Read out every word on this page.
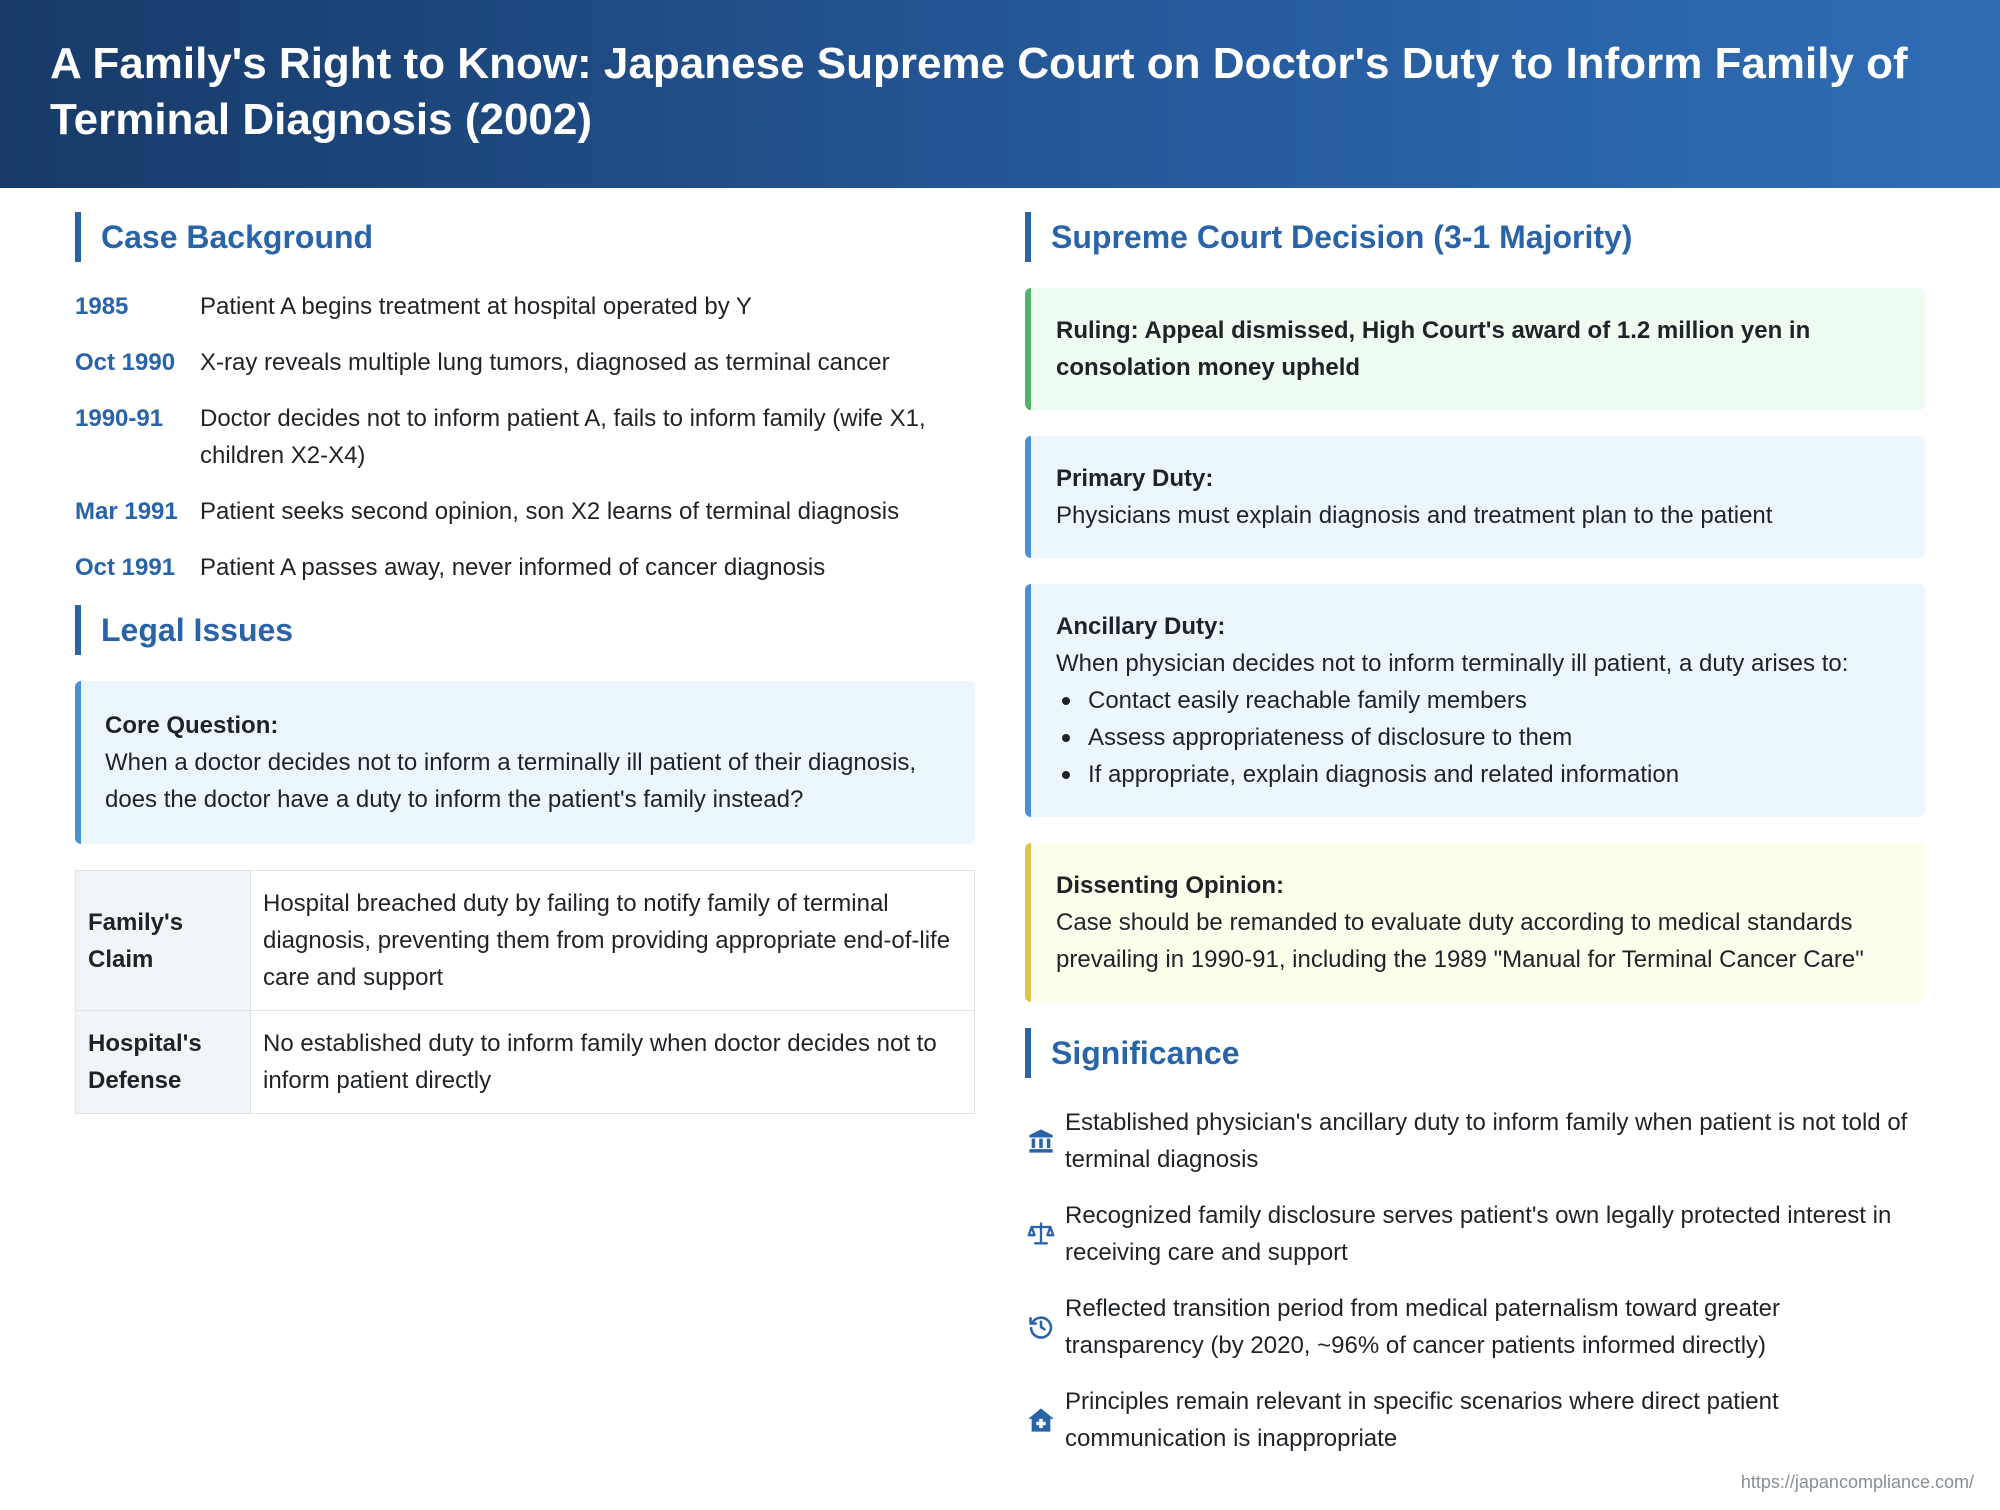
A Family's Right to Know: Japanese Supreme Court on Doctor's Duty to Inform Family of Terminal Diagnosis (2002)
Case Background
1985	Patient A begins treatment at hospital operated by Y
Oct 1990	X-ray reveals multiple lung tumors, diagnosed as terminal cancer
1990-91	Doctor decides not to inform patient A, fails to inform family (wife X1, children X2-X4)
Mar 1991 Patient seeks second opinion, son X2 learns of terminal diagnosis
Oct 1991	Patient A passes away, never informed of cancer diagnosis
Legal Issues
Core Question:
When a doctor decides not to inform a terminally ill patient of their diagnosis, does the doctor have a duty to inform the patient's family instead?
Family's Claim	Hospital breached duty by failing to notify family of terminal diagnosis, preventing them from providing appropriate end-of-life care and support
Hospital's Defense	No established duty to inform family when doctor decides not to inform patient directly
Supreme Court Decision (3-1 Majority)
Ruling: Appeal dismissed, High Court's award of 1.2 million yen in consolation money upheld
Primary Duty:
Physicians must explain diagnosis and treatment plan to the patient
Ancillary Duty:
When physician decides not to inform terminally ill patient, a duty arises to:
Contact easily reachable family members
Assess appropriateness of disclosure to them
If appropriate, explain diagnosis and related information
Dissenting Opinion:
Case should be remanded to evaluate duty according to medical standards prevailing in 1990-91, including the 1989 "Manual for Terminal Cancer Care"
Significance
Established physician's ancillary duty to inform family when patient is not told of terminal diagnosis
Recognized family disclosure serves patient's own legally protected interest in receiving care and support
Reflected transition period from medical paternalism toward greater transparency (by 2020, ~96% of cancer patients informed directly)
Principles remain relevant in specific scenarios where direct patient communication is inappropriate
https://japancompliance.com/
